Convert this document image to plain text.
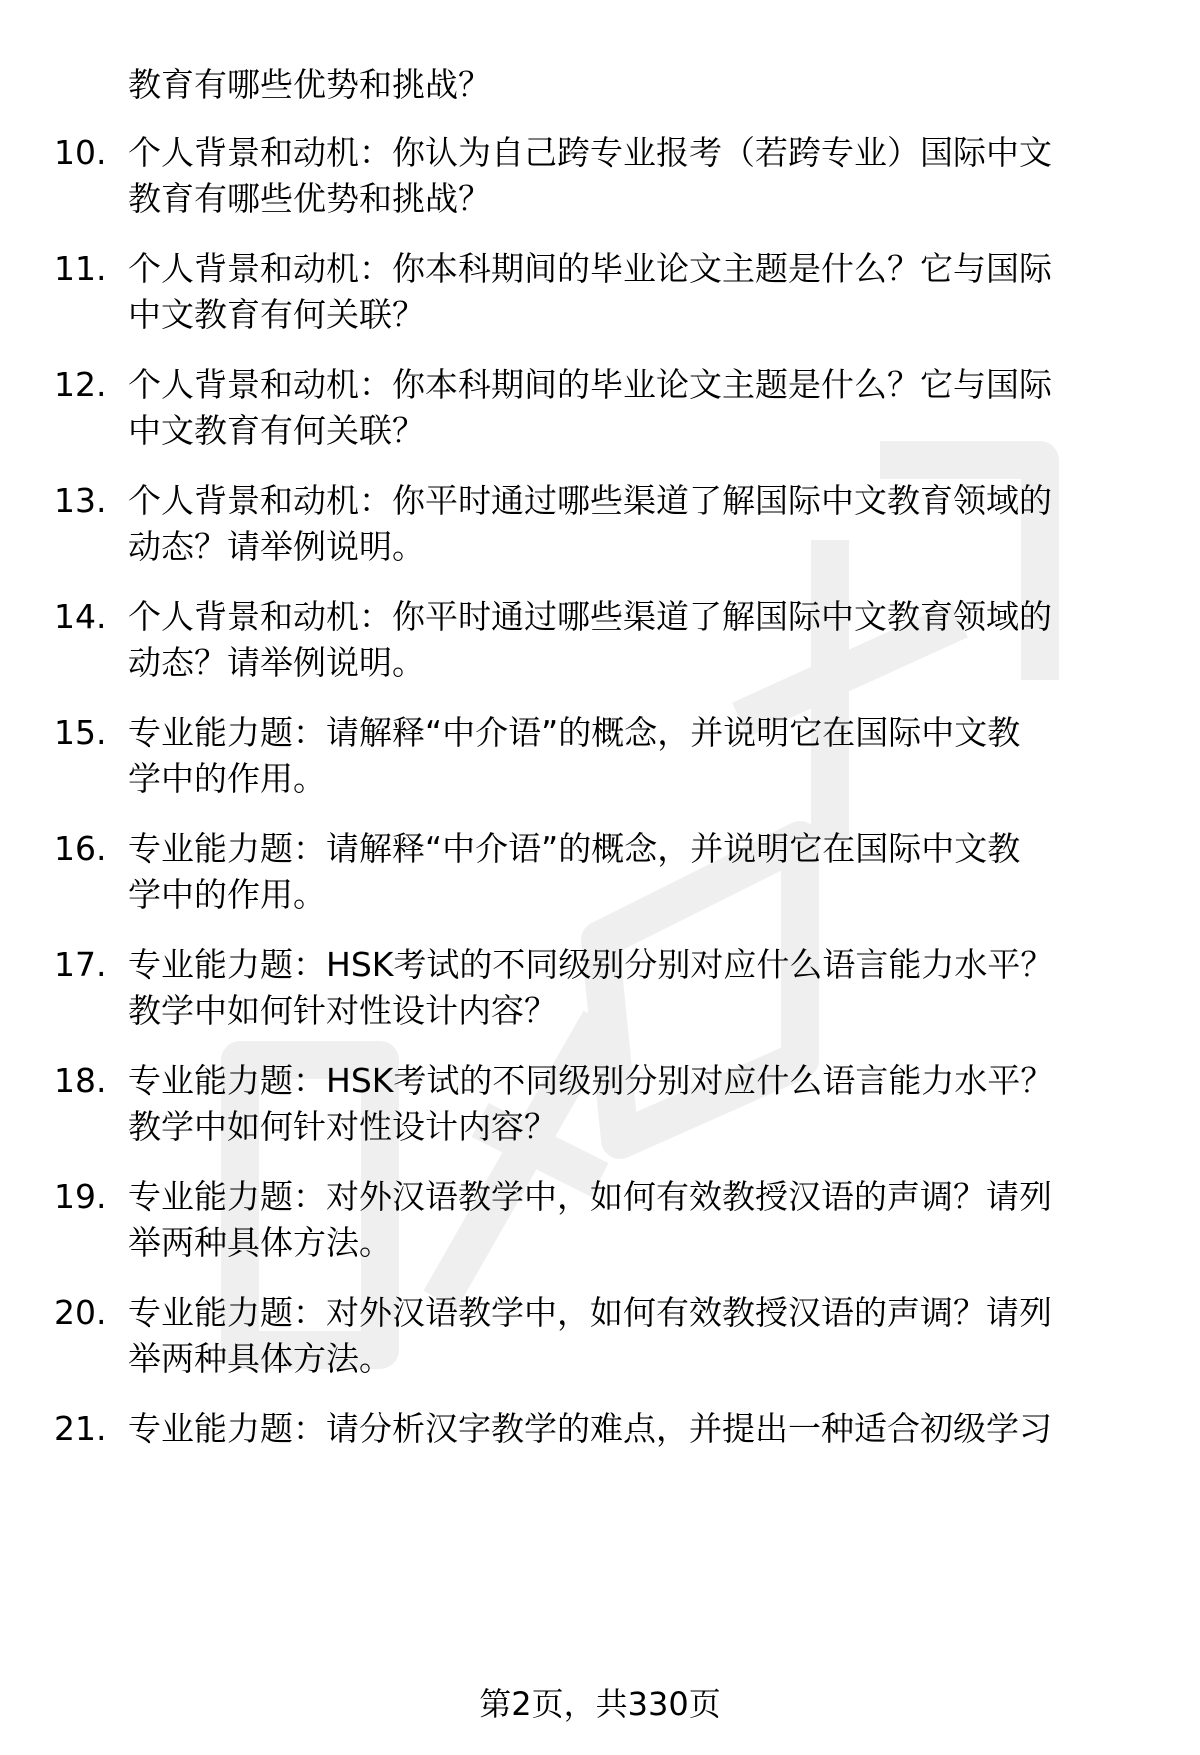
教育有哪些优势和挑战？
10. 个人背景和动机：你认为自己跨专业报考（若跨专业）国际中文
教育有哪些优势和挑战？
11. 个人背景和动机：你本科期间的毕业论文主题是什么？它与国际
中文教育有何关联？
12. 个人背景和动机：你本科期间的毕业论文主题是什么？它与国际
中文教育有何关联？
13. 个人背景和动机：你平时通过哪些渠道了解国际中文教育领域的
动态？请举例说明。
14. 个人背景和动机：你平时通过哪些渠道了解国际中文教育领域的
动态？请举例说明。
15. 专业能力题：请解释“中介语”的概念，并说明它在国际中文教
学中的作用。
16. 专业能力题：请解释“中介语”的概念，并说明它在国际中文教
学中的作用。
17. 专业能力题：HSK考试的不同级别分别对应什么语言能力水平？
教学中如何针对性设计内容？
18. 专业能力题：HSK考试的不同级别分别对应什么语言能力水平？
教学中如何针对性设计内容？
19. 专业能力题：对外汉语教学中，如何有效教授汉语的声调？请列
举两种具体方法。
20. 专业能力题：对外汉语教学中，如何有效教授汉语的声调？请列
举两种具体方法。
21. 专业能力题：请分析汉字教学的难点，并提出一种适合初级学习
第2页，共330页
